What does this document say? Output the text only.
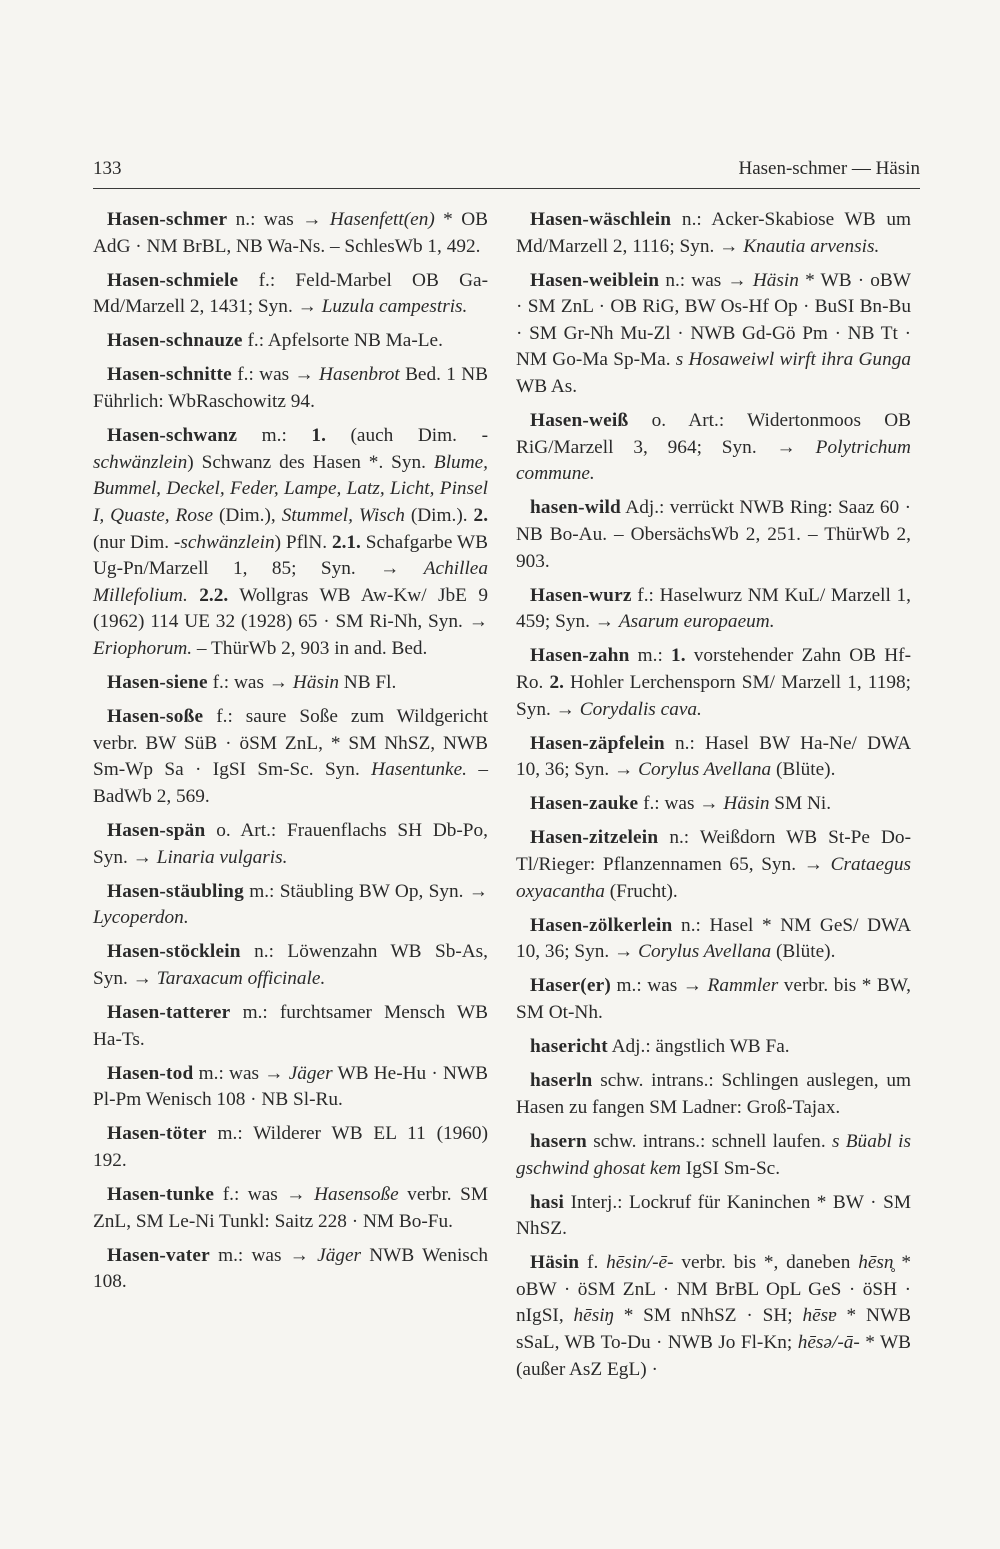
133	Hasen-schmer — Häsin

Hasen-schmer n.: was → Hasenfett(en) * OB AdG · NM BrBL, NB Wa-Ns. – SchlesWb 1, 492.

Hasen-schmiele f.: Feld-Marbel OB Ga-Md/Marzell 2, 1431; Syn. → Luzula campestris.

Hasen-schnauze f.: Apfelsorte NB Ma-Le.

Hasen-schnitte f.: was → Hasenbrot Bed. 1 NB Führlich: WbRaschowitz 94.

Hasen-schwanz m.: 1. (auch Dim. -schwänzlein) Schwanz des Hasen *. Syn. Blume, Bummel, Deckel, Feder, Lampe, Latz, Licht, Pinsel I, Quaste, Rose (Dim.), Stummel, Wisch (Dim.). 2. (nur Dim. -schwänzlein) PflN. 2.1. Schafgarbe WB Ug-Pn/Marzell 1, 85; Syn. → Achillea Millefolium. 2.2. Wollgras WB Aw-Kw/ JbE 9 (1962) 114 UE 32 (1928) 65 · SM Ri-Nh, Syn. → Eriophorum. – ThürWb 2, 903 in and. Bed.

Hasen-siene f.: was → Häsin NB Fl.

Hasen-soße f.: saure Soße zum Wildgericht verbr. BW SüB · öSM ZnL, * SM NhSZ, NWB Sm-Wp Sa · IgSI Sm-Sc. Syn. Hasentunke. – BadWb 2, 569.

Hasen-spän o. Art.: Frauenflachs SH Db-Po, Syn. → Linaria vulgaris.

Hasen-stäubling m.: Stäubling BW Op, Syn. → Lycoperdon.

Hasen-stöcklein n.: Löwenzahn WB Sb-As, Syn. → Taraxacum officinale.

Hasen-tatterer m.: furchtsamer Mensch WB Ha-Ts.

Hasen-tod m.: was → Jäger WB He-Hu · NWB Pl-Pm Wenisch 108 · NB Sl-Ru.

Hasen-töter m.: Wilderer WB EL 11 (1960) 192.

Hasen-tunke f.: was → Hasensoße verbr. SM ZnL, SM Le-Ni Tunkl: Saitz 228 · NM Bo-Fu.

Hasen-vater m.: was → Jäger NWB Wenisch 108.

Hasen-wäschlein n.: Acker-Skabiose WB um Md/Marzell 2, 1116; Syn. → Knautia arvensis.

Hasen-weiblein n.: was → Häsin * WB · oBW · SM ZnL · OB RiG, BW Os-Hf Op · BuSI Bn-Bu · SM Gr-Nh Mu-Zl · NWB Gd-Gö Pm · NB Tt · NM Go-Ma Sp-Ma. s Hosaweiwl wirft ihra Gunga WB As.

Hasen-weiß o. Art.: Widertonmoos OB RiG/Marzell 3, 964; Syn. → Polytrichum commune.

hasen-wild Adj.: verrückt NWB Ring: Saaz 60 · NB Bo-Au. – ObersächsWb 2, 251. – ThürWb 2, 903.

Hasen-wurz f.: Haselwurz NM KuL/ Marzell 1, 459; Syn. → Asarum europaeum.

Hasen-zahn m.: 1. vorstehender Zahn OB Hf-Ro. 2. Hohler Lerchensporn SM/ Marzell 1, 1198; Syn. → Corydalis cava.

Hasen-zäpfelein n.: Hasel BW Ha-Ne/ DWA 10, 36; Syn. → Corylus Avellana (Blüte).

Hasen-zauke f.: was → Häsin SM Ni.

Hasen-zitzelein n.: Weißdorn WB St-Pe Do-Tl/Rieger: Pflanzennamen 65, Syn. → Crataegus oxyacantha (Frucht).

Hasen-zölkerlein n.: Hasel * NM GeS/ DWA 10, 36; Syn. → Corylus Avellana (Blüte).

Haser(er) m.: was → Rammler verbr. bis * BW, SM Ot-Nh.

hasericht Adj.: ängstlich WB Fa.

haserln schw. intrans.: Schlingen auslegen, um Hasen zu fangen SM Ladner: Groß-Tajax.

hasern schw. intrans.: schnell laufen. s Büabl is gschwind ghosat kem IgSI Sm-Sc.

hasi Interj.: Lockruf für Kaninchen * BW · SM NhSZ.

Häsin f. hēsin/-ē- verbr. bis *, daneben hēsn̥ * oBW · öSM ZnL · NM BrBL OpL GeS · öSH · nIgSI, hēsiŋ * SM nNhSZ · SH; hēsɐ * NWB sSaL, WB To-Du · NWB Jo Fl-Kn; hēsə/-ā- * WB (außer AsZ EgL) ·
